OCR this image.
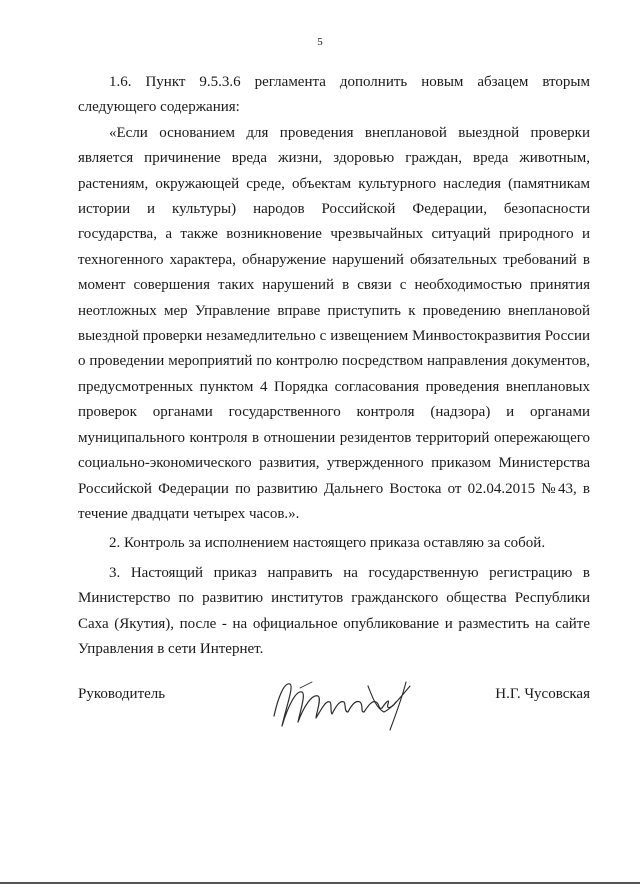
5

1.6. Пункт 9.5.3.6 регламента дополнить новым абзацем вторым следующего содержания:

«Если основанием для проведения внеплановой выездной проверки является причинение вреда жизни, здоровью граждан, вреда животным, растениям, окружающей среде, объектам культурного наследия (памятникам истории и культуры) народов Российской Федерации, безопасности государства, а также возникновение чрезвычайных ситуаций природного и техногенного характера, обнаружение нарушений обязательных требований в момент совершения таких нарушений в связи с необходимостью принятия неотложных мер Управление вправе приступить к проведению внеплановой выездной проверки незамедлительно с извещением Минвостокразвития России о проведении мероприятий по контролю посредством направления документов, предусмотренных пунктом 4 Порядка согласования проведения внеплановых проверок органами государственного контроля (надзора) и органами муниципального контроля в отношении резидентов территорий опережающего социально-экономического развития, утвержденного приказом Министерства Российской Федерации по развитию Дальнего Востока от 02.04.2015 №43, в течение двадцати четырех часов.».

2. Контроль за исполнением настоящего приказа оставляю за собой.

3. Настоящий приказ направить на государственную регистрацию в Министерство по развитию институтов гражданского общества Республики Саха (Якутия), после - на официальное опубликование и разместить на сайте Управления в сети Интернет.

Руководитель	Н.Г. Чусовская
